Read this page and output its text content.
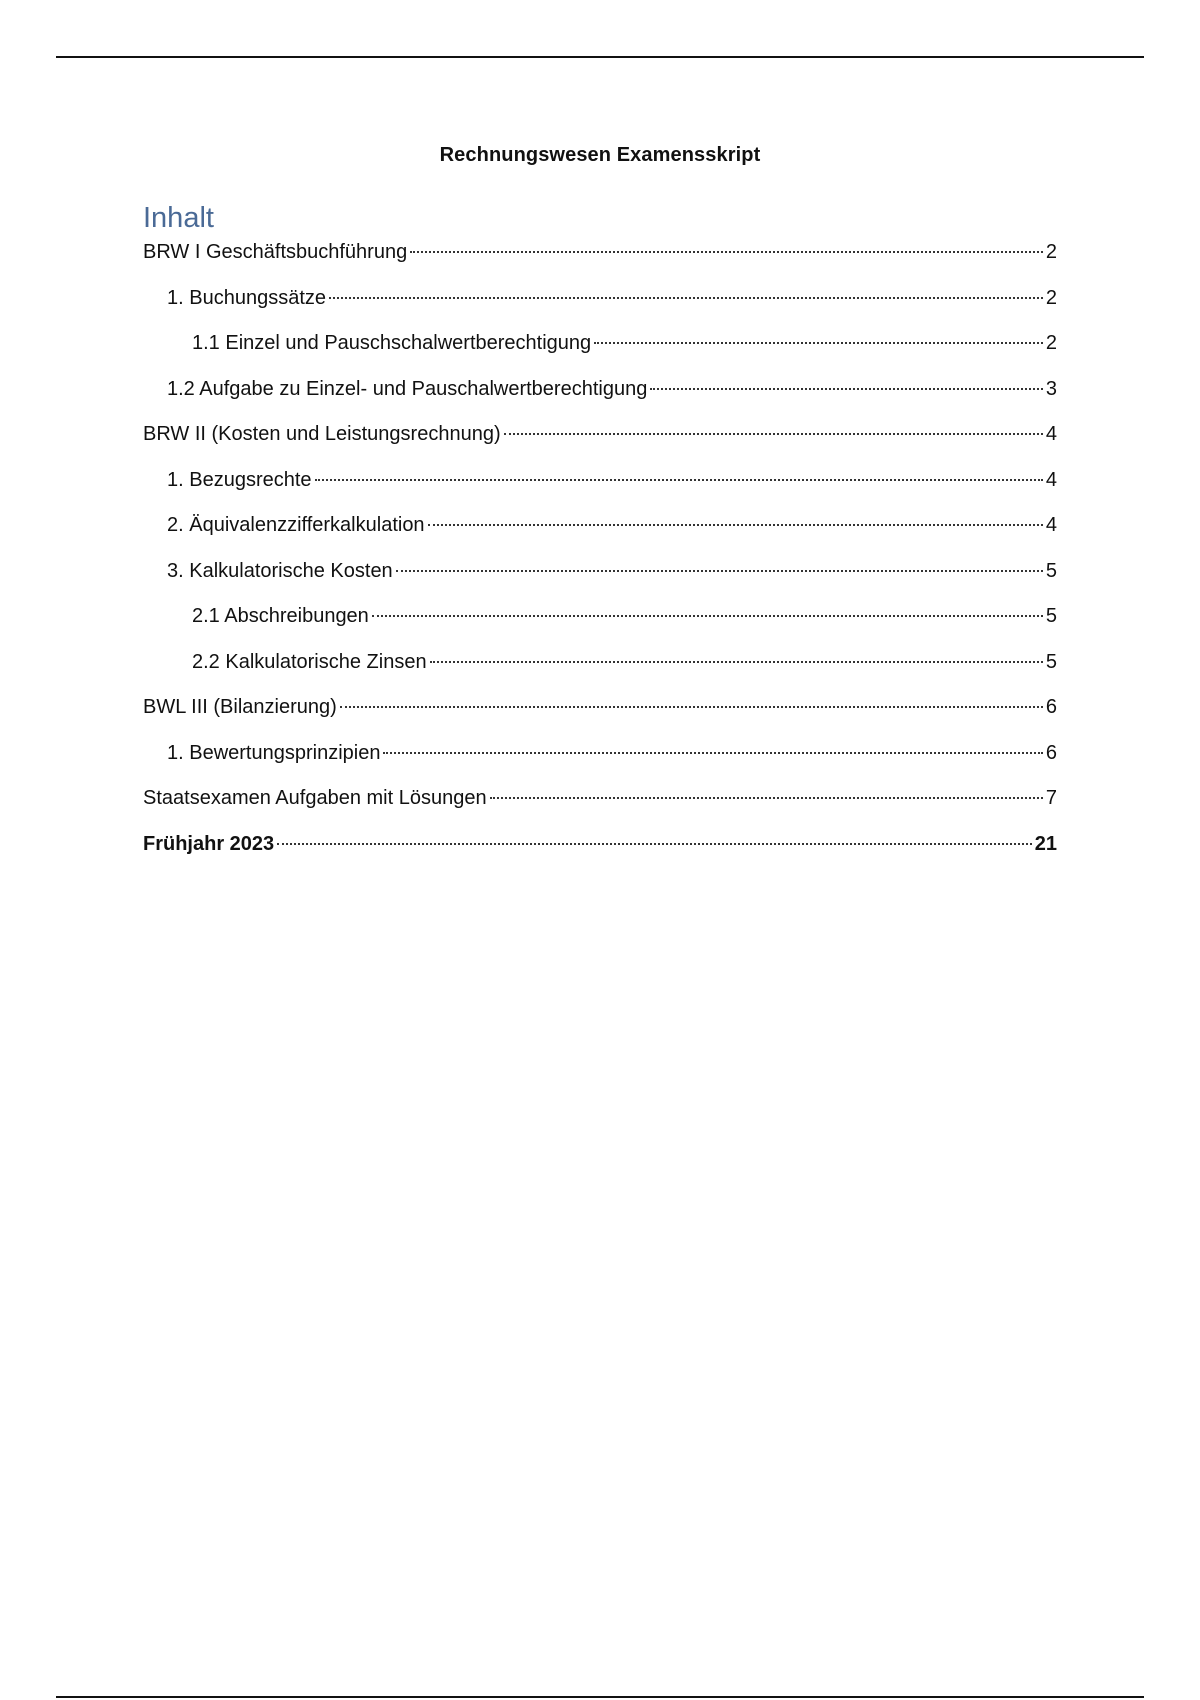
Rechnungswesen Examensskript
Inhalt
BRW I Geschäftsbuchführung	2
1. Buchungssätze	2
1.1 Einzel und Pauschschalwertberechtigung	2
1.2 Aufgabe zu Einzel- und Pauschalwertberechtigung	3
BRW II (Kosten und Leistungsrechnung)	4
1. Bezugsrechte	4
2. Äquivalenzzifferkalkulation	4
3. Kalkulatorische Kosten	5
2.1 Abschreibungen	5
2.2 Kalkulatorische Zinsen	5
BWL III (Bilanzierung)	6
1. Bewertungsprinzipien	6
Staatsexamen Aufgaben mit Lösungen	7
Frühjahr 2023	21
